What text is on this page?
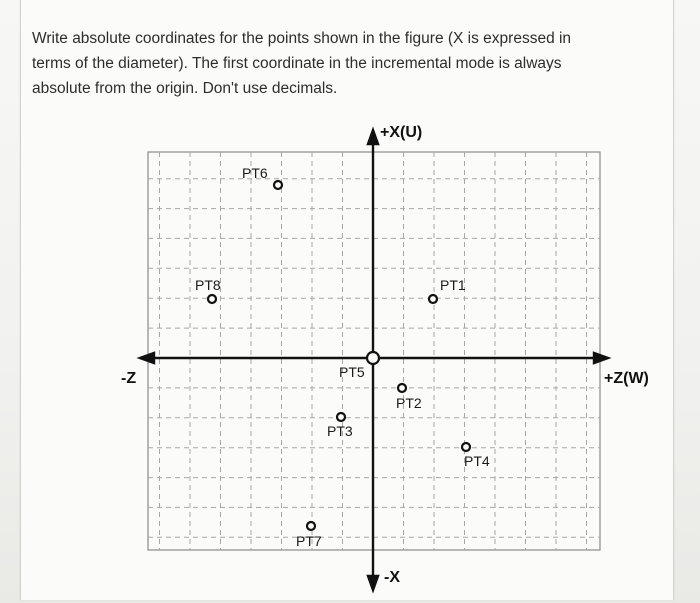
Write absolute coordinates for the points shown in the figure (X is expressed in
terms of the diameter). The first coordinate in the incremental mode is always
absolute from the origin. Don't use decimals.
+X(U)
-X
+Z(W)
-Z
PT1
PT2
PT3
PT4
PT5
PT6
PT7
PT8
